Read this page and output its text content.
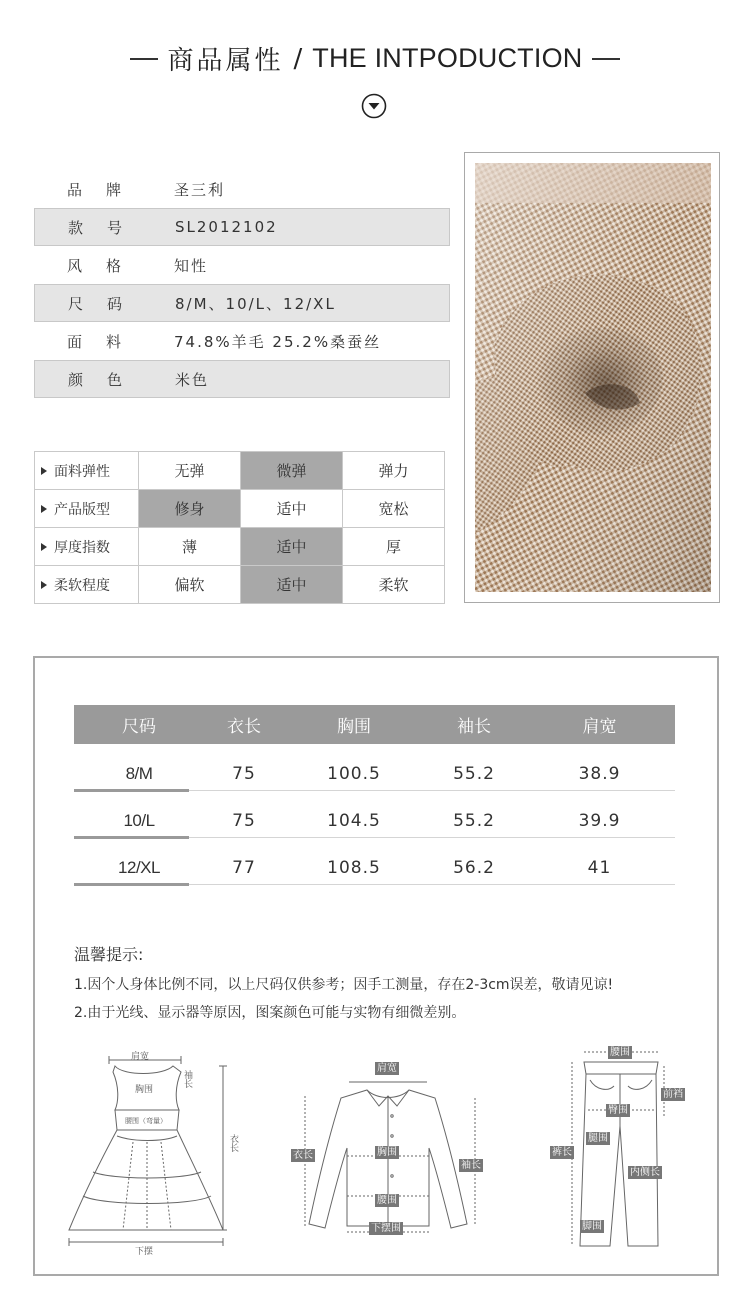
商品属性 / THE INTPODUCTION
品牌	圣三利
款号	SL2012102
风格	知性
尺码	8/M、10/L、12/XL
面料	74.8%羊毛 25.2%桑蚕丝
颜色	米色
面料弹性	无弹	微弹	弹力
产品版型	修身	适中	宽松
厚度指数	薄	适中	厚
柔软程度	偏软	适中	柔软
尺码	衣长	胸围	袖长	肩宽
8/M	75	100.5	55.2	38.9
10/L	75	104.5	55.2	39.9
12/XL	77	108.5	56.2	41
温馨提示:
1.因个人身体比例不同，以上尺码仅供参考；因手工测量，存在2-3cm误差，敬请见谅!
2.由于光线、显示器等原因，图案颜色可能与实物有细微差别。
肩宽
袖长
胸围
腰围（弯量）
衣长
下摆
肩宽
衣长	胸围
袖长
腰围
下摆围
腰围
前裆
臀围
腿围
裤长
内侧长
脚围
